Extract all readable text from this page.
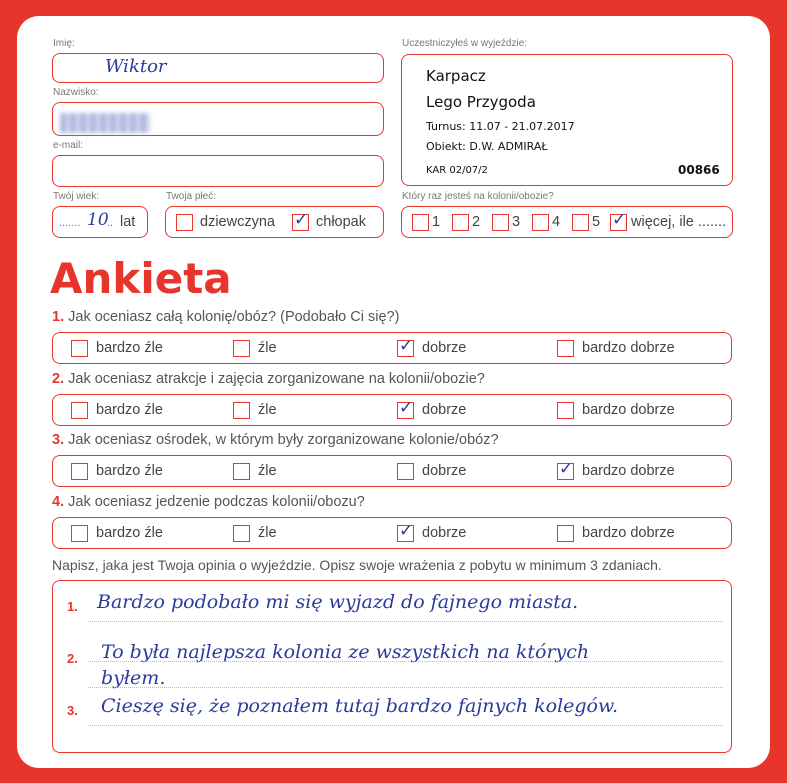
Imię:
Wiktor
Nazwisko:
e-mail:
Uczestniczyłeś w wyjeździe:
Karpacz
Lego Przygoda
Turnus: 11.07 - 21.07.2017
Obiekt: D.W. ADMIRAŁ
KAR 02/07/2	00866
Twój wiek:
....... 10
.. lat
Twoja płeć:
dziewczyna ✓ chłopak
Który raz jesteś na kolonii/obozie?
1 2 3 4 5 ✓ więcej, ile .......
Ankieta
1. Jak oceniasz całą kolonię/obóz? (Podobało Ci się?)
bardzo źle	źle	✓ dobrze	bardzo dobrze
2. Jak oceniasz atrakcje i zajęcia zorganizowane na kolonii/obozie?
bardzo źle	źle	✓ dobrze	bardzo dobrze
3. Jak oceniasz ośrodek, w którym były zorganizowane kolonie/obóz?
bardzo źle	źle	dobrze	✓ bardzo dobrze
4. Jak oceniasz jedzenie podczas kolonii/obozu?
bardzo źle	źle	✓ dobrze	bardzo dobrze
Napisz, jaka jest Twoja opinia o wyjeździe. Opisz swoje wrażenia z pobytu w minimum 3 zdaniach.
1.
2.
3.
Bardzo podobało mi się wyjazd do fajnego miasta.
To była najlepsza kolonia ze wszystkich na których
byłem.
Cieszę się, że poznałem tutaj bardzo fajnych kolegów.
